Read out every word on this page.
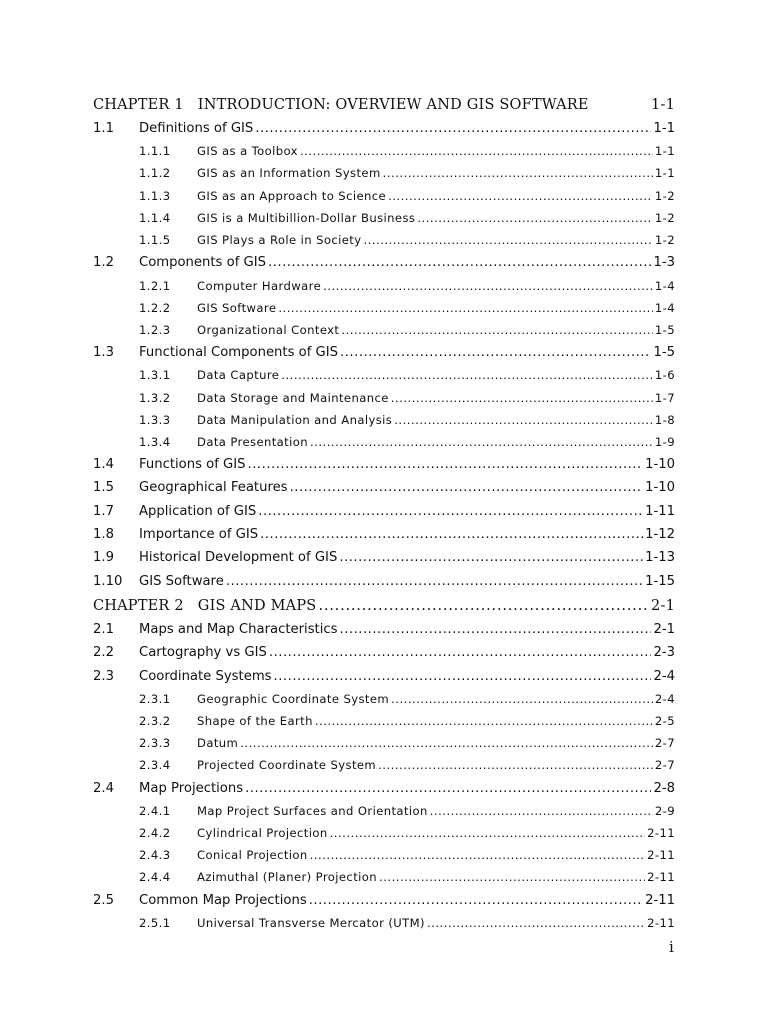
CHAPTER 1 INTRODUCTION: OVERVIEW AND GIS SOFTWARE	1-1
1.1	Definitions of GIS .....	1-1
1.1.1	GIS as a Toolbox .....	1-1
1.1.2	GIS as an Information System .....	1-1
1.1.3	GIS as an Approach to Science .....	1-2
1.1.4	GIS is a Multibillion-Dollar Business .....	1-2
1.1.5	GIS Plays a Role in Society .....	1-2
1.2	Components of GIS .....	1-3
1.2.1	Computer Hardware .....	1-4
1.2.2	GIS Software .....	1-4
1.2.3	Organizational Context .....	1-5
1.3	Functional Components of GIS .....	1-5
1.3.1	Data Capture .....	1-6
1.3.2	Data Storage and Maintenance .....	1-7
1.3.3	Data Manipulation and Analysis .....	1-8
1.3.4	Data Presentation .....	1-9
1.4	Functions of GIS .....	1-10
1.5	Geographical Features .....	1-10
1.7	Application of GIS .....	1-11
1.8	Importance of GIS .....	1-12
1.9	Historical Development of GIS .....	1-13
1.10	GIS Software .....	1-15
CHAPTER 2 GIS AND MAPS .....	2-1
2.1	Maps and Map Characteristics .....	2-1
2.2	Cartography vs GIS .....	2-3
2.3	Coordinate Systems .....	2-4
2.3.1	Geographic Coordinate System .....	2-4
2.3.2	Shape of the Earth .....	2-5
2.3.3	Datum .....	2-7
2.3.4	Projected Coordinate System .....	2-7
2.4	Map Projections .....	2-8
2.4.1	Map Project Surfaces and Orientation .....	2-9
2.4.2	Cylindrical Projection .....	2-11
2.4.3	Conical Projection .....	2-11
2.4.4	Azimuthal (Planer) Projection .....	2-11
2.5	Common Map Projections .....	2-11
2.5.1	Universal Transverse Mercator (UTM) .....	2-11
i
